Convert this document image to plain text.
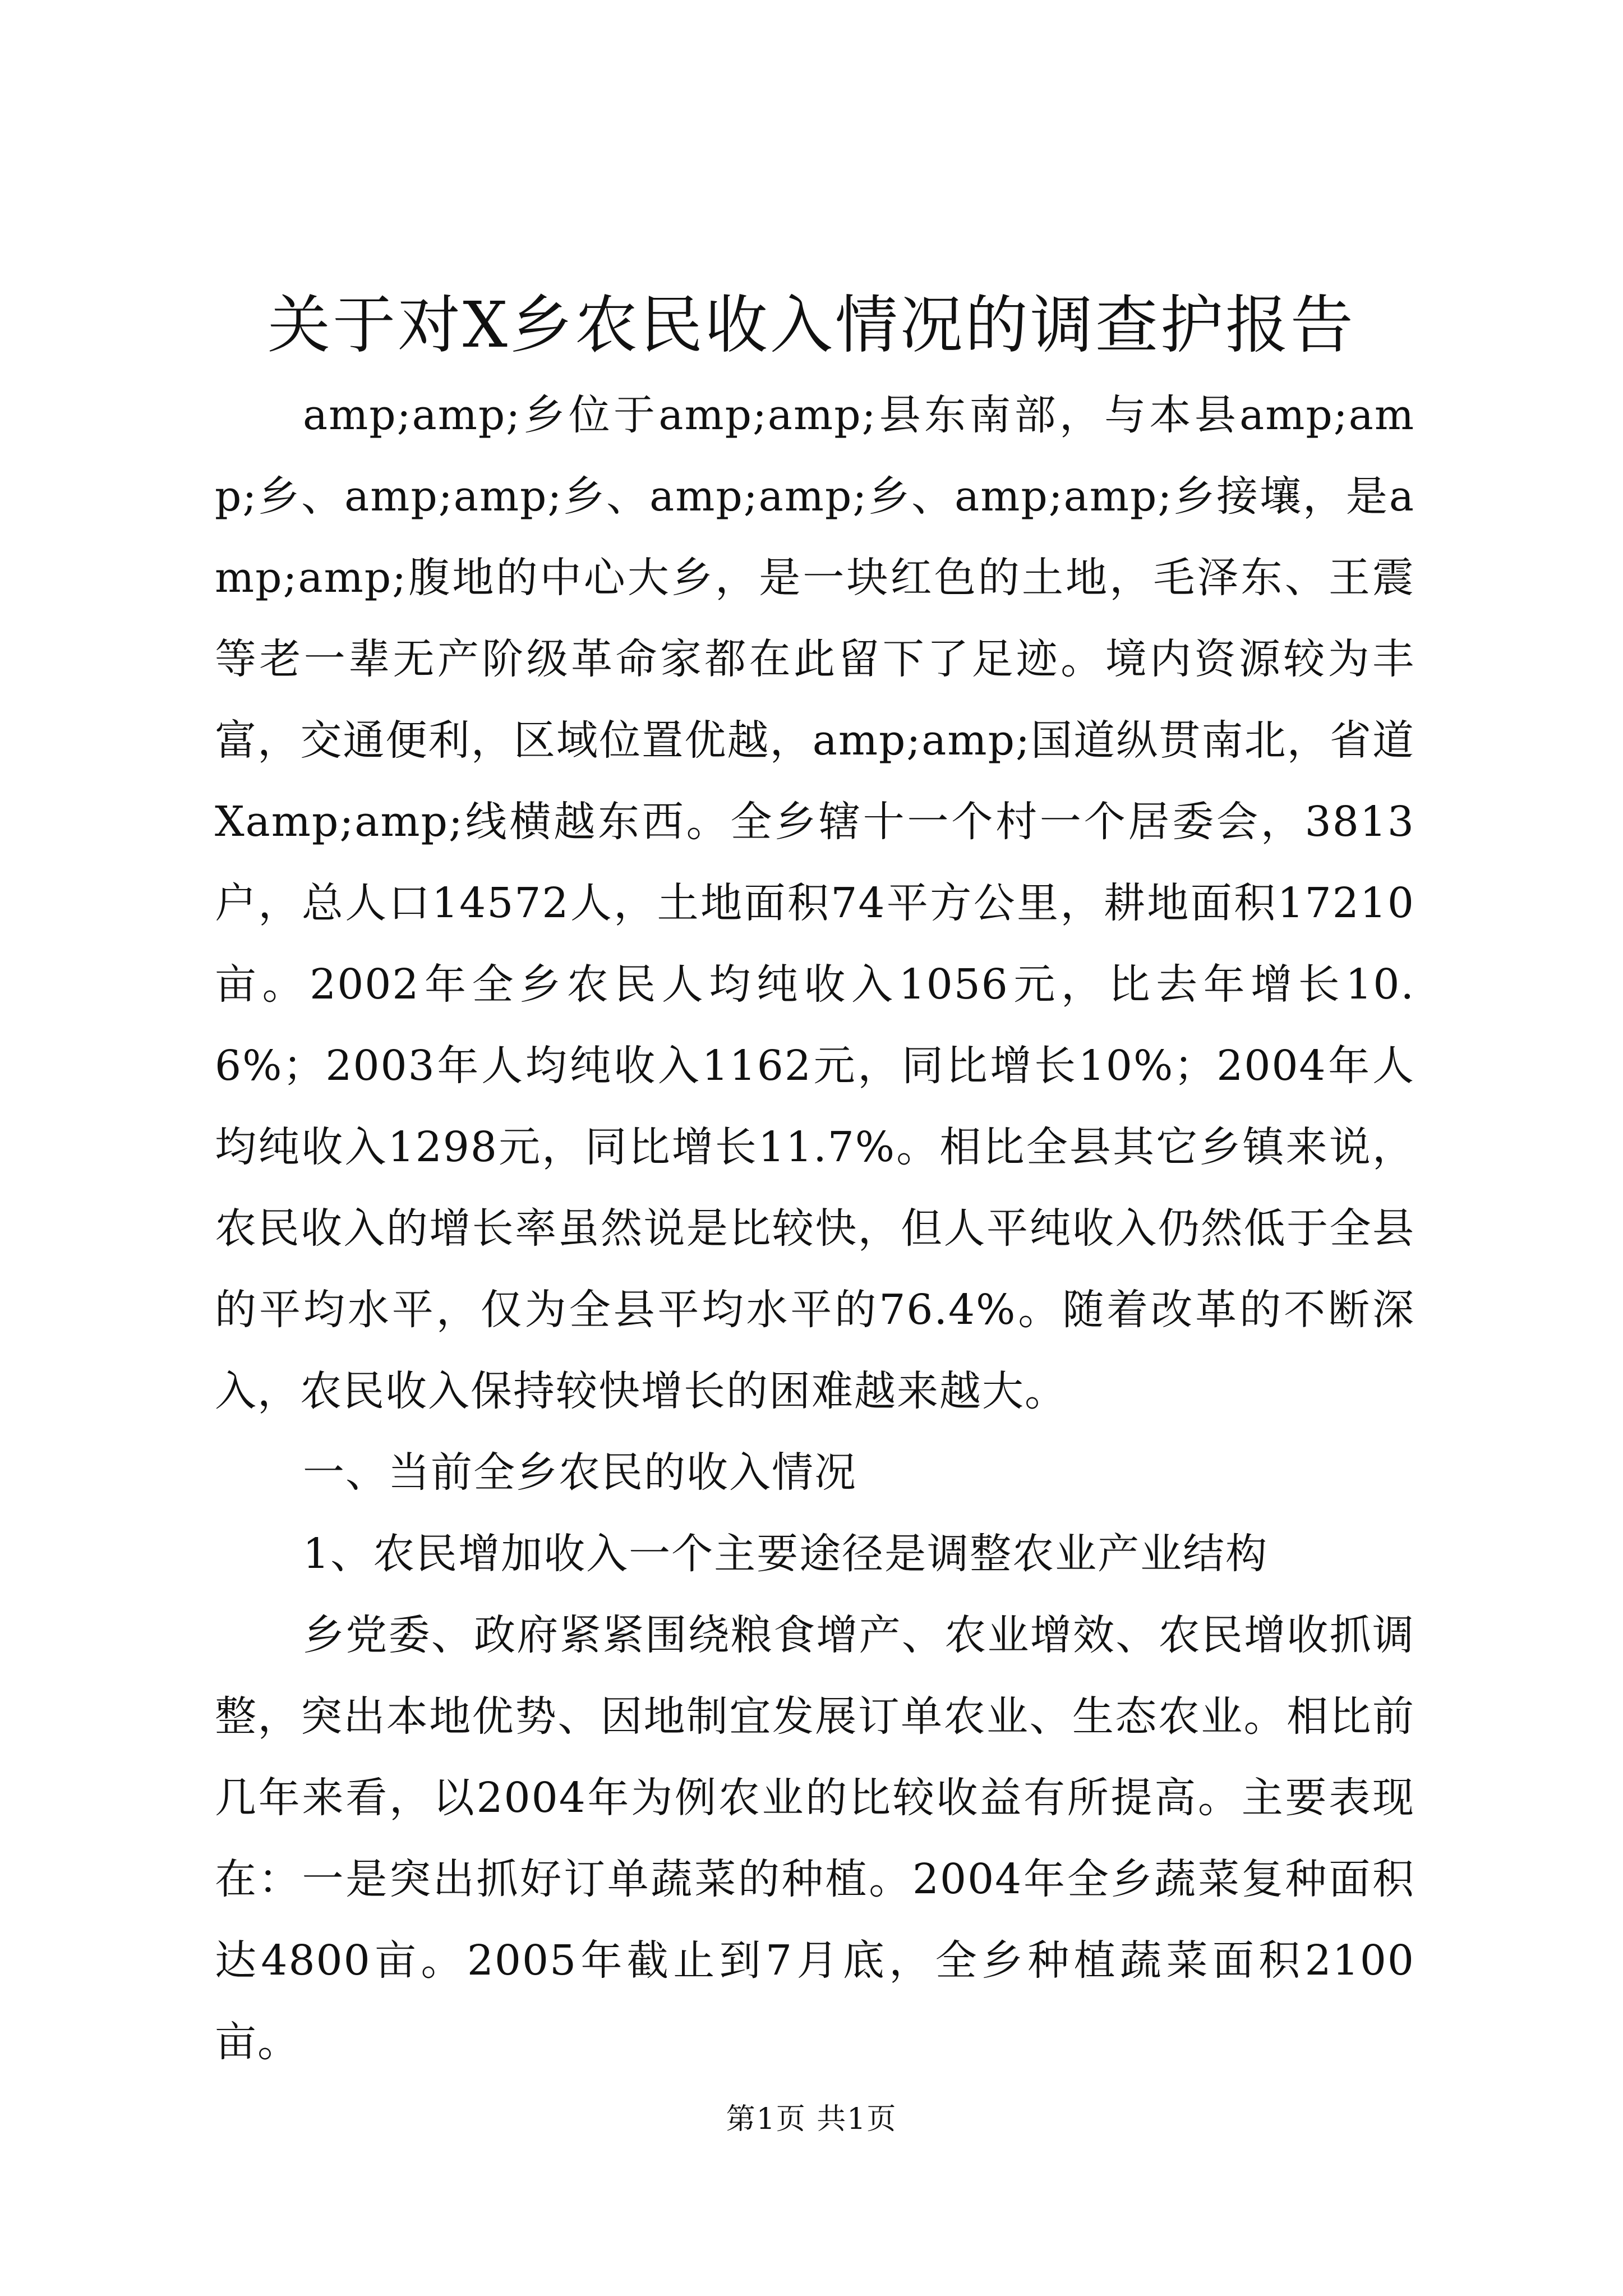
关于对X乡农民收入情况的调查护报告

amp;amp;乡位于amp;amp;县东南部，与本县amp;amp;乡、amp;amp;乡、amp;amp;乡、amp;amp;乡接壤，是amp;amp;腹地的中心大乡，是一块红色的土地，毛泽东、王震等老一辈无产阶级革命家都在此留下了足迹。境内资源较为丰富，交通便利，区域位置优越，amp;amp;国道纵贯南北，省道Xamp;amp;线横越东西。全乡辖十一个村一个居委会，3813户，总人口14572人，土地面积74平方公里，耕地面积17210亩。2002年全乡农民人均纯收入1056元，比去年增长10.6%；2003年人均纯收入1162元，同比增长10%；2004年人均纯收入1298元，同比增长11.7%。相比全县其它乡镇来说，农民收入的增长率虽然说是比较快，但人平纯收入仍然低于全县的平均水平，仅为全县平均水平的76.4%。随着改革的不断深入，农民收入保持较快增长的困难越来越大。

一、当前全乡农民的收入情况

1、农民增加收入一个主要途径是调整农业产业结构

乡党委、政府紧紧围绕粮食增产、农业增效、农民增收抓调整，突出本地优势、因地制宜发展订单农业、生态农业。相比前几年来看，以2004年为例农业的比较收益有所提高。主要表现在：一是突出抓好订单蔬菜的种植。2004年全乡蔬菜复种面积达4800亩。2005年截止到7月底，全乡种植蔬菜面积2100亩。

第1页 共1页
